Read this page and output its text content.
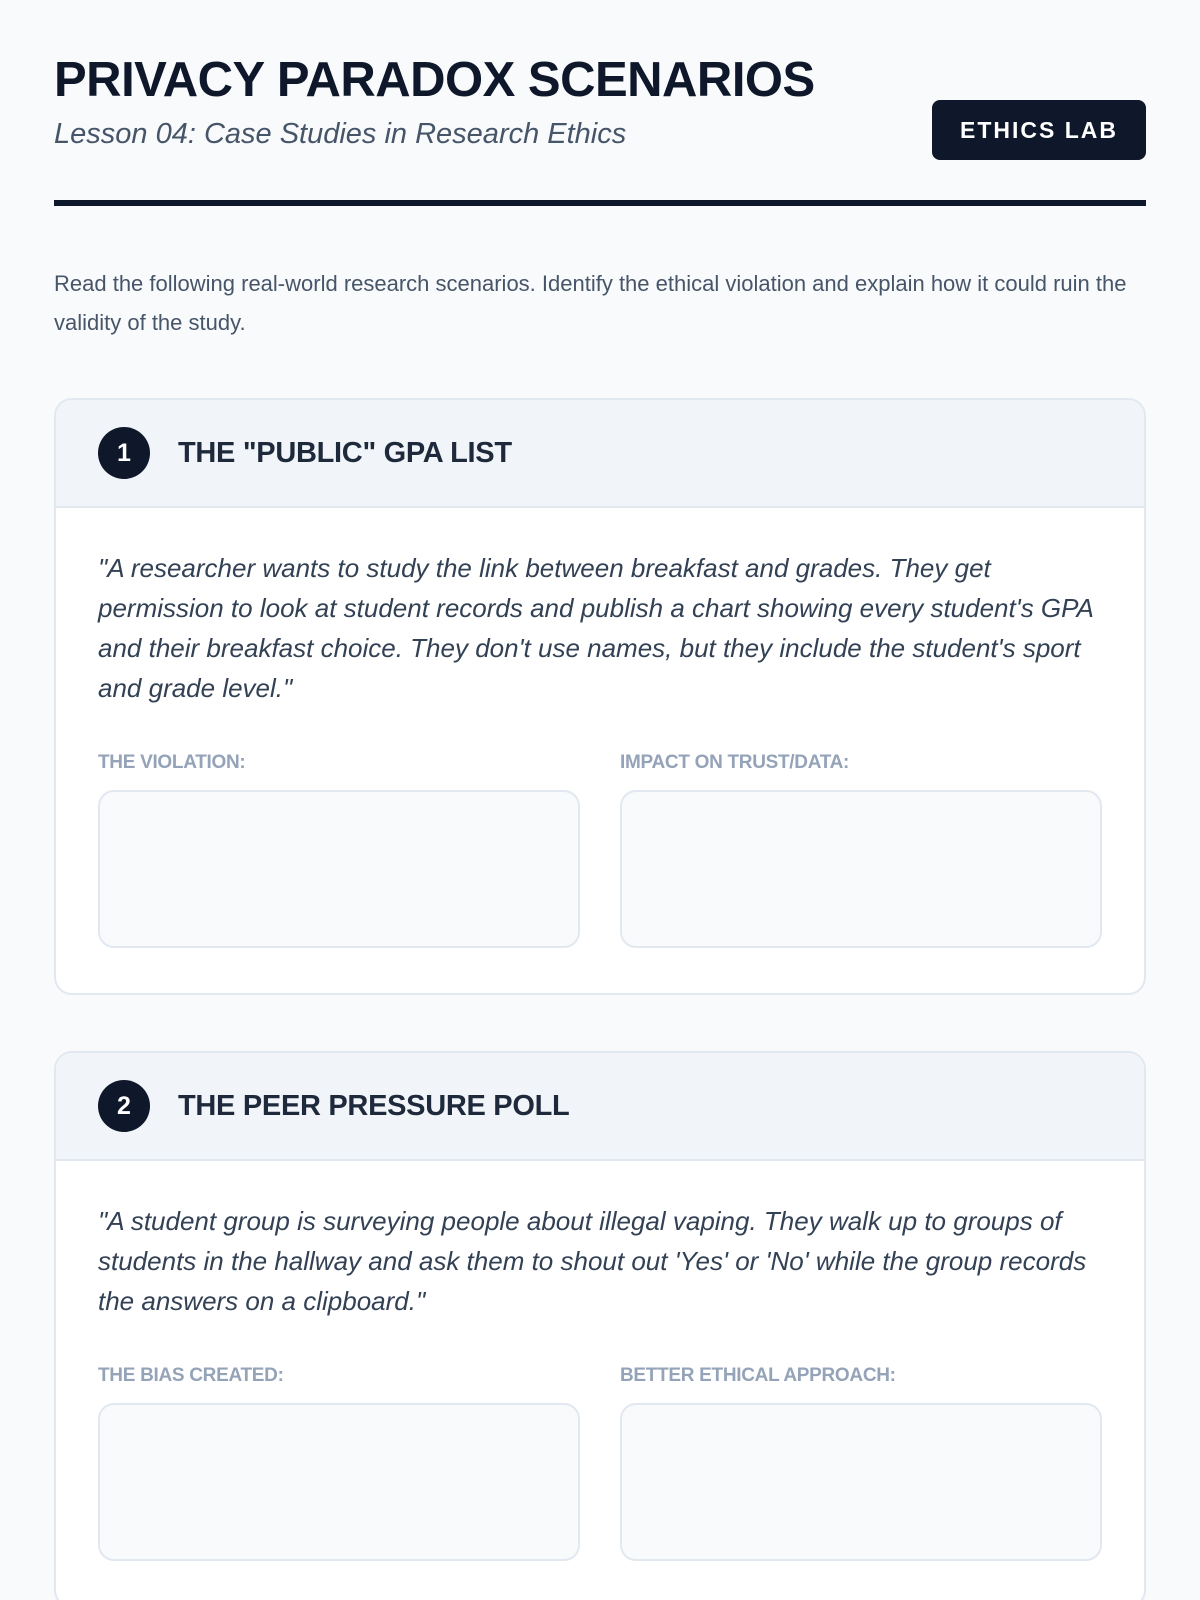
PRIVACY PARADOX SCENARIOS

Lesson 04: Case Studies in Research Ethics	ETHICS LAB

Read the following real-world research scenarios. Identify the ethical violation and explain how it could ruin the validity of the study.

1	THE "PUBLIC" GPA LIST

"A researcher wants to study the link between breakfast and grades. They get permission to look at student records and publish a chart showing every student's GPA and their breakfast choice. They don't use names, but they include the student's sport and grade level."

THE VIOLATION:	IMPACT ON TRUST/DATA:
2	THE PEER PRESSURE POLL

"A student group is surveying people about illegal vaping. They walk up to groups of students in the hallway and ask them to shout out 'Yes' or 'No' while the group records the answers on a clipboard."

THE BIAS CREATED:	BETTER ETHICAL APPROACH:
